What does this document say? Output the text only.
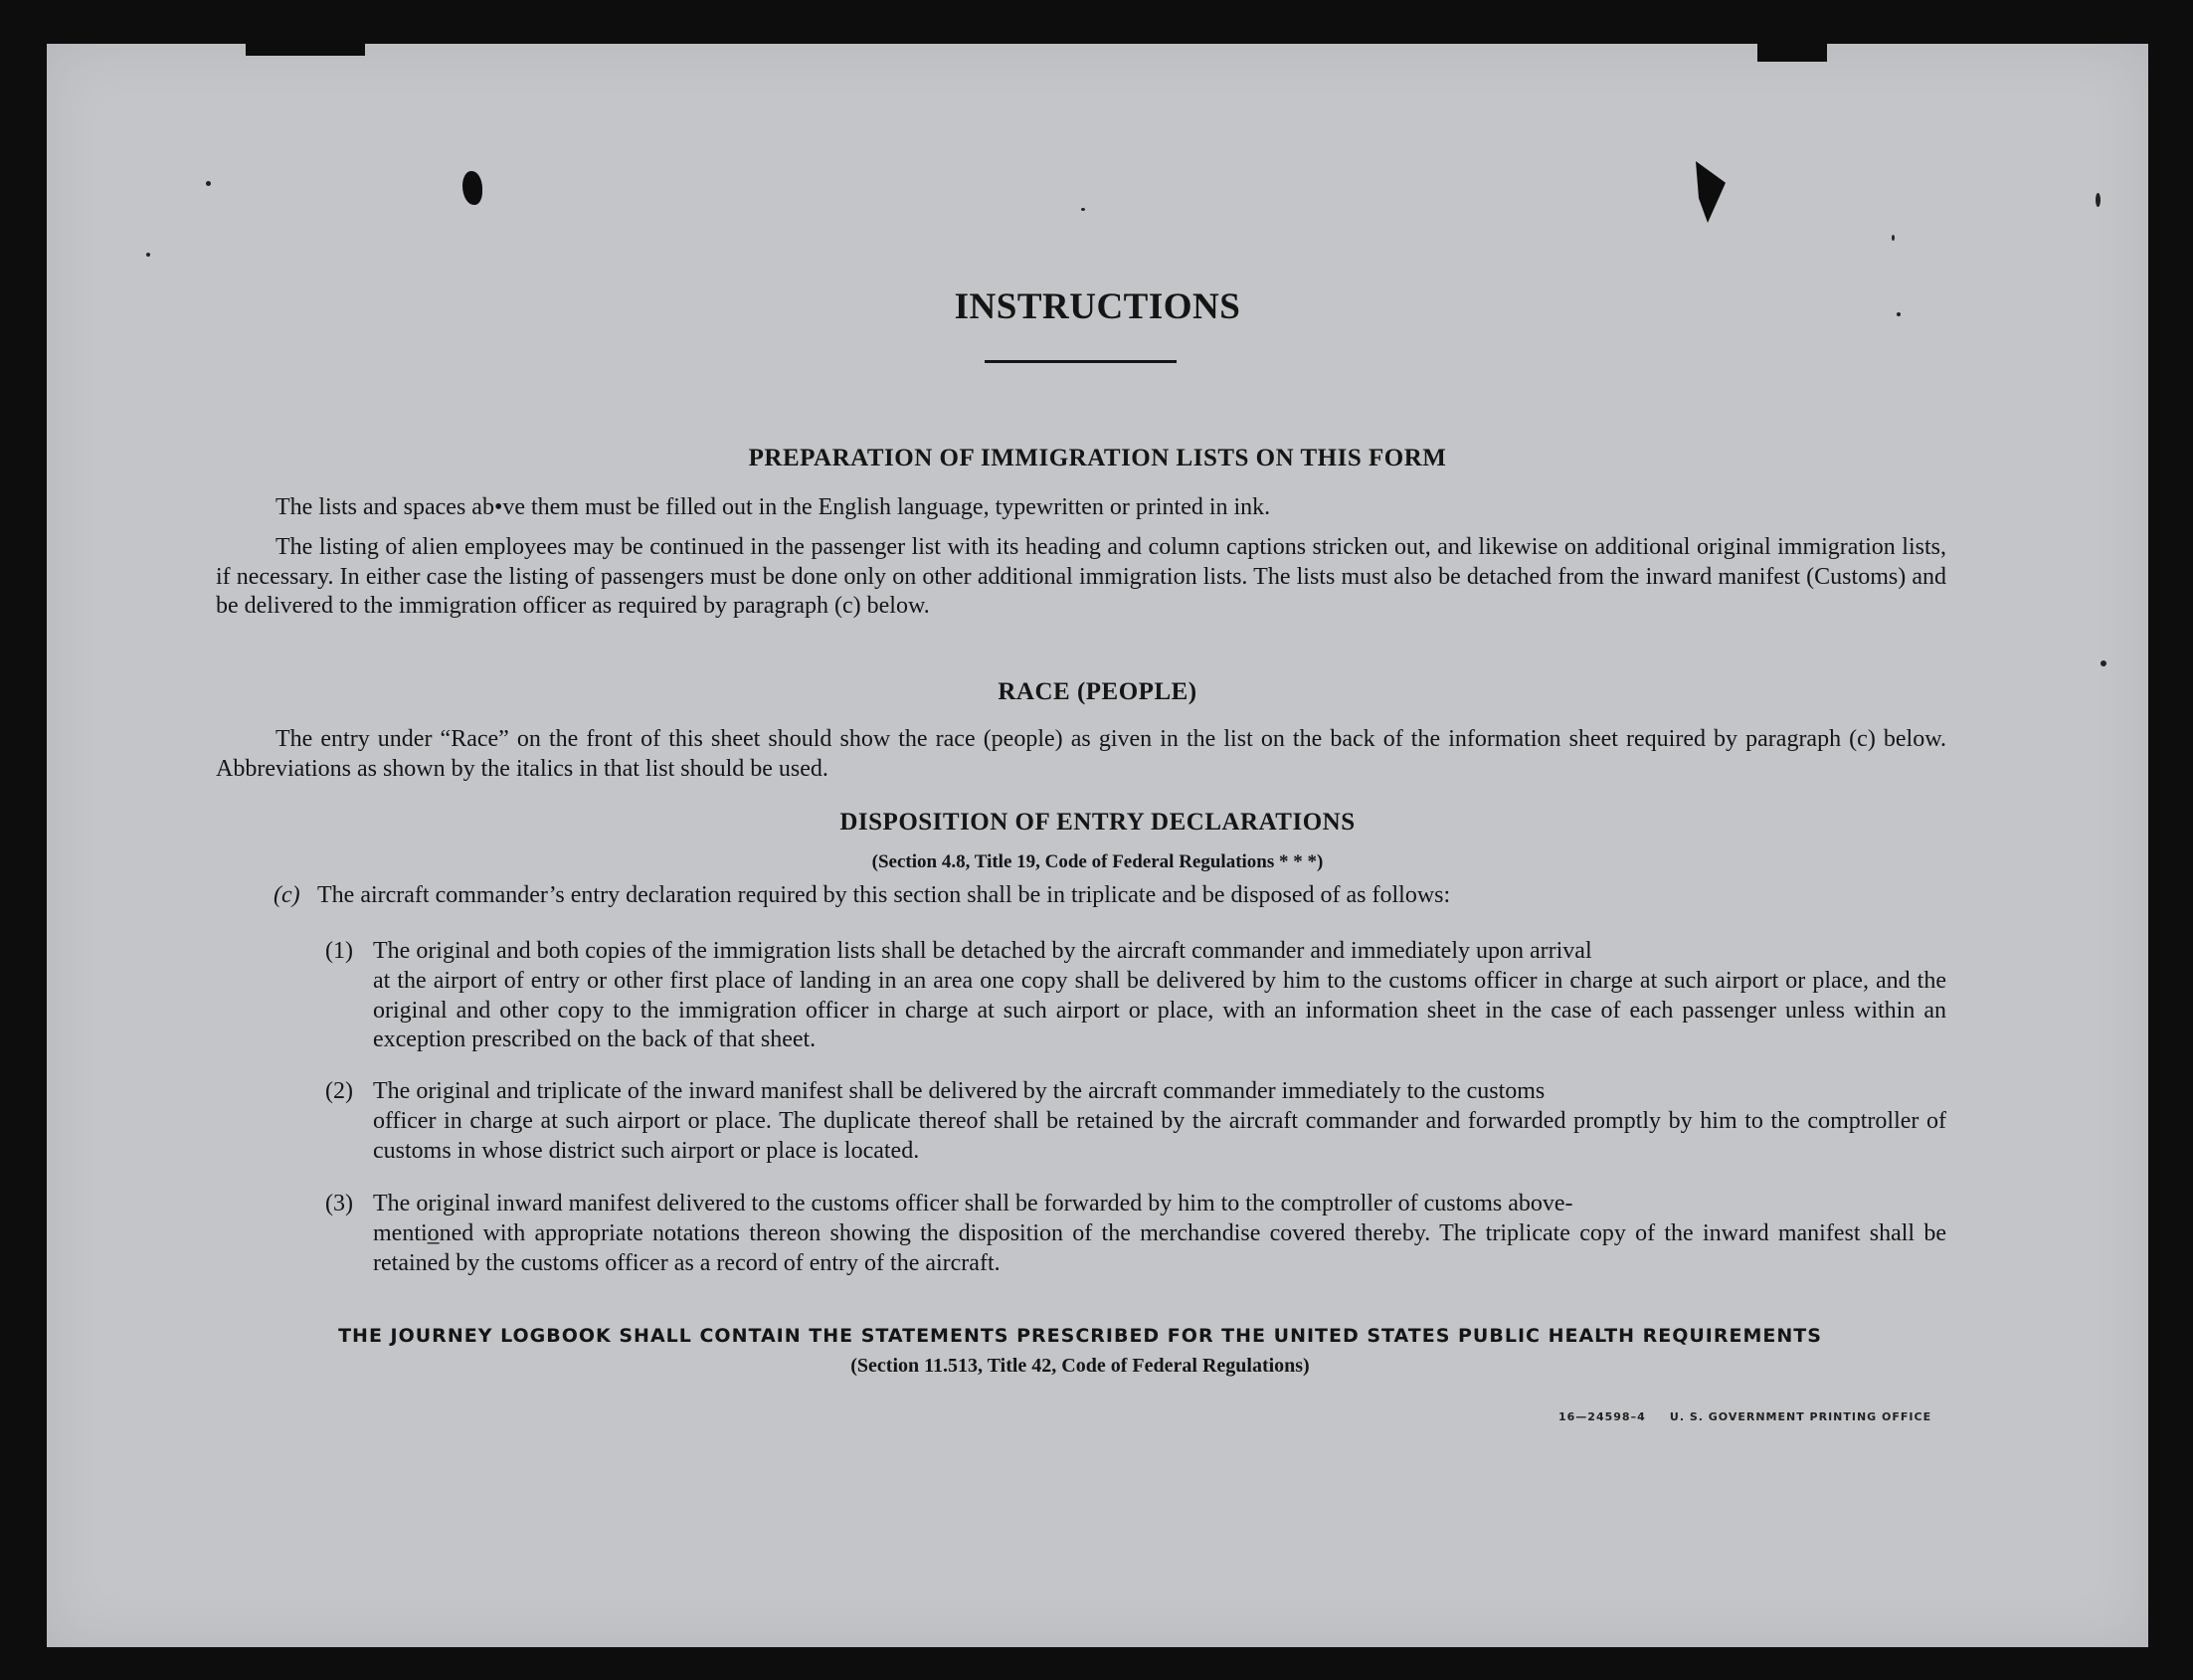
INSTRUCTIONS
PREPARATION OF IMMIGRATION LISTS ON THIS FORM
The lists and spaces ab•ve them must be filled out in the English language, typewritten or printed in ink.
The listing of alien employees may be continued in the passenger list with its heading and column captions stricken out, and likewise on additional original immigration lists, if necessary. In either case the listing of passengers must be done only on other additional immigration lists. The lists must also be detached from the inward manifest (Customs) and be delivered to the immigration officer as required by paragraph (c) below.
RACE (PEOPLE)
The entry under “Race” on the front of this sheet should show the race (people) as given in the list on the back of the information sheet required by paragraph (c) below. Abbreviations as shown by the italics in that list should be used.
DISPOSITION OF ENTRY DECLARATIONS
(Section 4.8, Title 19, Code of Federal Regulations * * *)
(c) The aircraft commander’s entry declaration required by this section shall be in triplicate and be disposed of as follows:
(1) The original and both copies of the immigration lists shall be detached by the aircraft commander and immediately upon arrival
at the airport of entry or other first place of landing in an area one copy shall be delivered by him to the customs officer in charge at such airport or place, and the original and other copy to the immigration officer in charge at such airport or place, with an information sheet in the case of each passenger unless within an exception prescribed on the back of that sheet.
(2) The original and triplicate of the inward manifest shall be delivered by the aircraft commander immediately to the customs
officer in charge at such airport or place. The duplicate thereof shall be retained by the aircraft commander and forwarded promptly by him to the comptroller of customs in whose district such airport or place is located.
(3) The original inward manifest delivered to the customs officer shall be forwarded by him to the comptroller of customs above-
mentio̲ned with appropriate notations thereon showing the disposition of the merchandise covered thereby. The triplicate copy of the inward manifest shall be retained by the customs officer as a record of entry of the aircraft.
THE JOURNEY LOGBOOK SHALL CONTAIN THE STATEMENTS PRESCRIBED FOR THE UNITED STATES PUBLIC HEALTH REQUIREMENTS
(Section 11.513, Title 42, Code of Federal Regulations)
16—24598–4 U. S. GOVERNMENT PRINTING OFFICE
